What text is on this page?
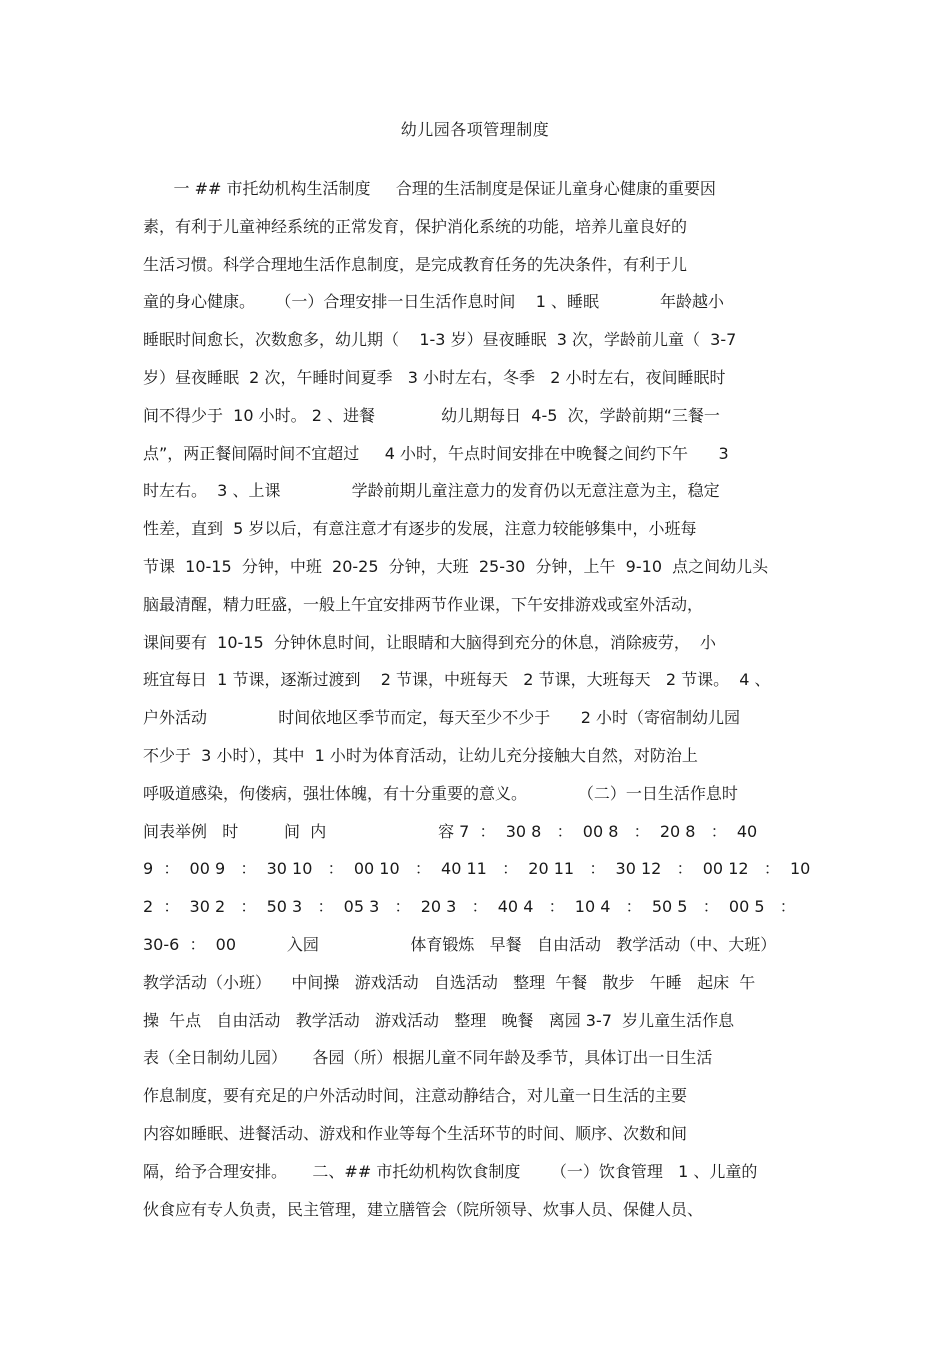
幼儿园各项管理制度
一 ## 市托幼机构生活制度     合理的生活制度是保证儿童身心健康的重要因
素，有利于儿童神经系统的正常发育，保护消化系统的功能，培养儿童良好的
生活习惯。科学合理地生活作息制度，是完成教育任务的先决条件，有利于儿
童的身心健康。    （一）合理安排一日生活作息时间    1 、睡眠            年龄越小
睡眠时间愈长，次数愈多，幼儿期（    1-3 岁）昼夜睡眠  3 次，学龄前儿童（  3-7
岁）昼夜睡眠  2 次，午睡时间夏季   3 小时左右，冬季   2 小时左右，夜间睡眠时
间不得少于  10 小时。 2 、进餐             幼儿期每日  4-5  次，学龄前期“三餐一
点”，两正餐间隔时间不宜超过     4 小时，午点时间安排在中晚餐之间约下午      3
时左右。  3 、上课              学龄前期儿童注意力的发育仍以无意注意为主，稳定
性差，直到  5 岁以后，有意注意才有逐步的发展，注意力较能够集中，小班每
节课  10-15  分钟，中班  20-25  分钟，大班  25-30  分钟，上午  9-10  点之间幼儿头
脑最清醒，精力旺盛，一般上午宜安排两节作业课，下午安排游戏或室外活动，
课间要有  10-15  分钟休息时间，让眼睛和大脑得到充分的休息，消除疲劳，  小
班宜每日  1 节课，逐渐过渡到    2 节课，中班每天   2 节课，大班每天   2 节课。  4 、
户外活动              时间依地区季节而定，每天至少不少于      2 小时（寄宿制幼儿园
不少于  3 小时），其中  1 小时为体育活动，让幼儿充分接触大自然，对防治上
呼吸道感染，佝偻病，强壮体魄，有十分重要的意义。          （二）一日生活作息时
间表举例   时         间  内                      容 7  ：  30 8   ：  00 8   ：  20 8   ：  40
9  ：  00 9   ：  30 10   ：  00 10   ：  40 11   ：  20 11   ：  30 12   ：  00 12   ：  10
2  ：  30 2   ：  50 3   ：  05 3   ：  20 3   ：  40 4   ：  10 4   ：  50 5   ：  00 5   ：
30-6  ：  00          入园                  体育锻炼   早餐   自由活动   教学活动（中、大班）
教学活动（小班）    中间操   游戏活动   自选活动   整理  午餐   散步   午睡   起床  午
操  午点   自由活动   教学活动   游戏活动   整理   晚餐   离园 3-7  岁儿童生活作息
表（全日制幼儿园）     各园（所）根据儿童不同年龄及季节，具体订出一日生活
作息制度，要有充足的户外活动时间，注意动静结合，对儿童一日生活的主要
内容如睡眠、进餐活动、游戏和作业等每个生活环节的时间、顺序、次数和间
隔，给予合理安排。     二、## 市托幼机构饮食制度      （一）饮食管理   1 、儿童的
伙食应有专人负责，民主管理，建立膳管会（院所领导、炊事人员、保健人员、
